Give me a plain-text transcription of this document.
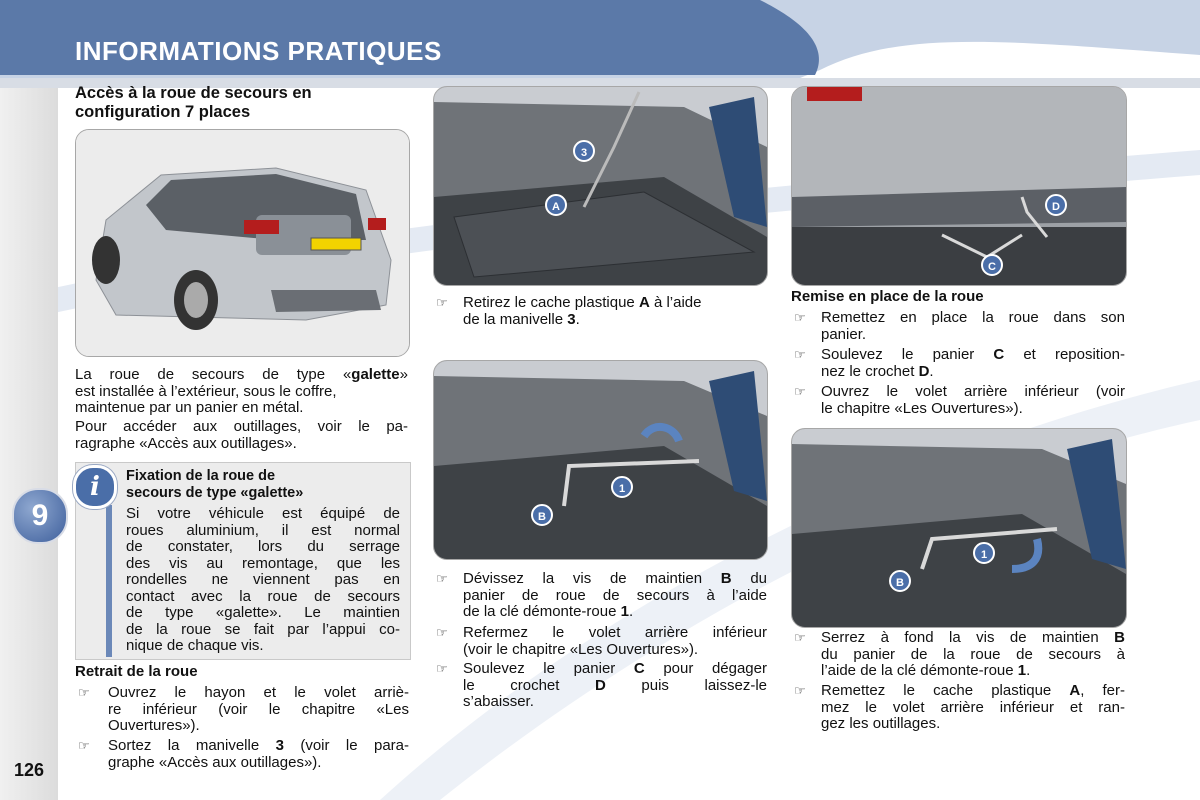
INFORMATIONS PRATIQUES
9
126
Accès à la roue de secours en
configuration 7 places
La roue de secours de type «galette»
est installée à l’extérieur, sous le coffre,
maintenue par un panier en métal.
Pour accéder aux outillages, voir le pa-
ragraphe «Accès aux outillages».
i	Fixation de la roue de
secours de type «galette»
Si votre véhicule est équipé de
roues aluminium, il est normal
de constater, lors du serrage
des vis au remontage, que les
rondelles ne viennent pas en
contact avec la roue de secours
de type «galette». Le maintien
de la roue se fait par l’appui co-
nique de chaque vis.
Retrait de la roue
☞ Ouvrez le hayon et le volet arriè-
re inférieur (voir le chapitre «Les
Ouvertures»).
☞ Sortez la manivelle 3 (voir le para-
graphe «Accès aux outillages»).
A
3
☞ Retirez le cache plastique A à l’aide
de la manivelle 3.
B
1
☞ Dévissez la vis de maintien B du
panier de roue de secours à l’aide
de la clé démonte-roue 1.
☞ Refermez le volet arrière inférieur
(voir le chapitre «Les Ouvertures»).
☞ Soulevez le panier C pour dégager
le crochet D puis laissez-le
s’abaisser.
D
C
Remise en place de la roue
☞ Remettez en place la roue dans son
panier.
☞ Soulevez le panier C et reposition-
nez le crochet D.
☞ Ouvrez le volet arrière inférieur (voir
le chapitre «Les Ouvertures»).
B
1
☞ Serrez à fond la vis de maintien B
du panier de la roue de secours à
l’aide de la clé démonte-roue 1.
☞ Remettez le cache plastique A, fer-
mez le volet arrière inférieur et ran-
gez les outillages.
